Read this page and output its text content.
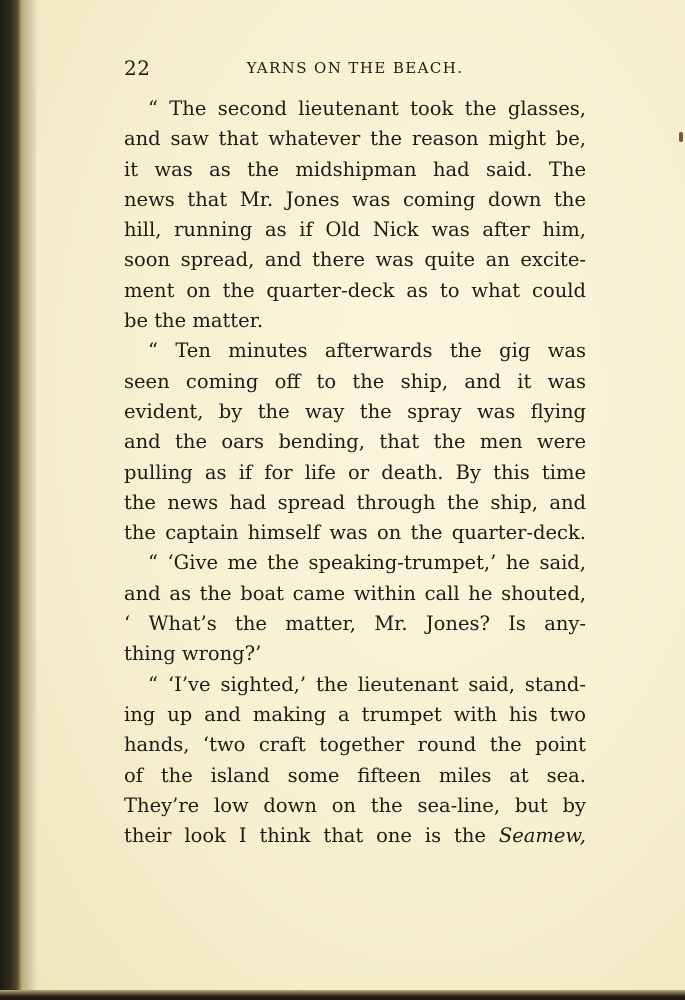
22	YARNS ON THE BEACH.
“ The second lieutenant took the glasses,
and saw that whatever the reason might be,
it was as the midshipman had said. The
news that Mr. Jones was coming down the
hill, running as if Old Nick was after him,
soon spread, and there was quite an excite-
ment on the quarter-deck as to what could
be the matter.
“ Ten minutes afterwards the gig was
seen coming off to the ship, and it was
evident, by the way the spray was flying
and the oars bending, that the men were
pulling as if for life or death. By this time
the news had spread through the ship, and
the captain himself was on the quarter-deck.
“ ‘Give me the speaking-trumpet,’ he said,
and as the boat came within call he shouted,
‘ What’s the matter, Mr. Jones? Is any-
thing wrong?’
“ ‘I’ve sighted,’ the lieutenant said, stand-
ing up and making a trumpet with his two
hands, ‘two craft together round the point
of the island some fifteen miles at sea.
They’re low down on the sea-line, but by
their look I think that one is the Seamew,
